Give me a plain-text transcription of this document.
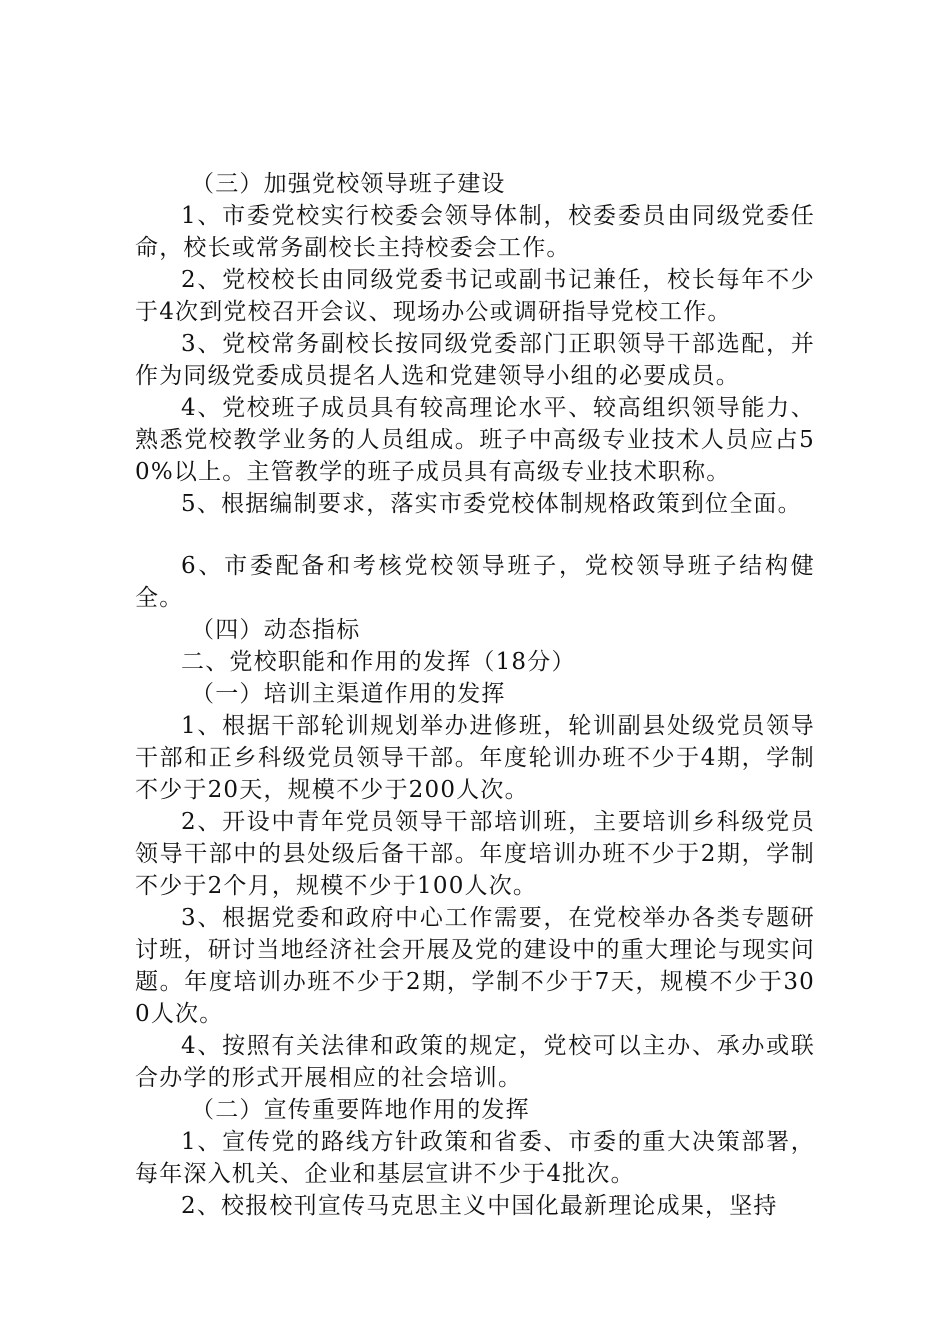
（三）加强党校领导班子建设

1、市委党校实行校委会领导体制，校委委员由同级党委任命，校长或常务副校长主持校委会工作。

2、党校校长由同级党委书记或副书记兼任，校长每年不少于4次到党校召开会议、现场办公或调研指导党校工作。

3、党校常务副校长按同级党委部门正职领导干部选配，并作为同级党委成员提名人选和党建领导小组的必要成员。

4、党校班子成员具有较高理论水平、较高组织领导能力、熟悉党校教学业务的人员组成。班子中高级专业技术人员应占50%以上。主管教学的班子成员具有高级专业技术职称。

5、根据编制要求，落实市委党校体制规格政策到位全面。

6、市委配备和考核党校领导班子，党校领导班子结构健全。

（四）动态指标

二、党校职能和作用的发挥（18分）

（一）培训主渠道作用的发挥

1、根据干部轮训规划举办进修班，轮训副县处级党员领导干部和正乡科级党员领导干部。年度轮训办班不少于4期，学制不少于20天，规模不少于200人次。

2、开设中青年党员领导干部培训班，主要培训乡科级党员领导干部中的县处级后备干部。年度培训办班不少于2期，学制不少于2个月，规模不少于100人次。

3、根据党委和政府中心工作需要，在党校举办各类专题研讨班，研讨当地经济社会开展及党的建设中的重大理论与现实问题。年度培训办班不少于2期，学制不少于7天，规模不少于300人次。

4、按照有关法律和政策的规定，党校可以主办、承办或联合办学的形式开展相应的社会培训。

（二）宣传重要阵地作用的发挥

1、宣传党的路线方针政策和省委、市委的重大决策部署，每年深入机关、企业和基层宣讲不少于4批次。

2、校报校刊宣传马克思主义中国化最新理论成果，坚持
